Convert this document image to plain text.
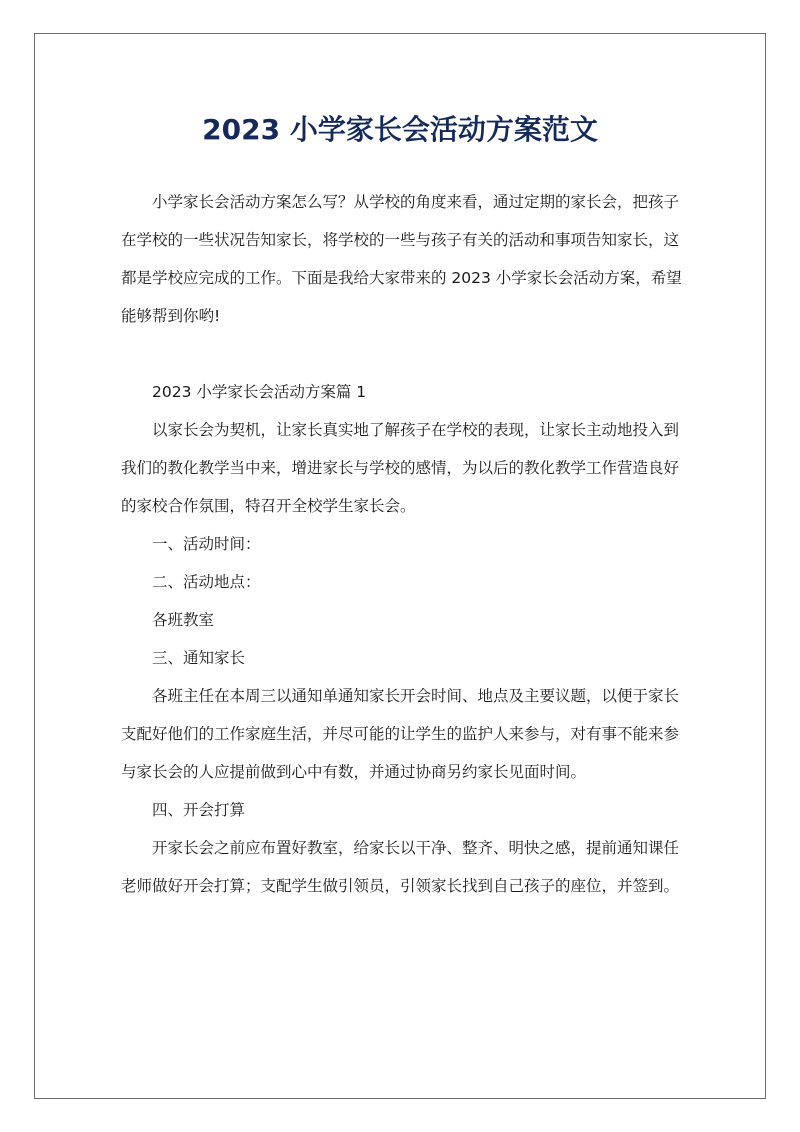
2023 小学家长会活动方案范文

小学家长会活动方案怎么写？从学校的角度来看，通过定期的家长会，把孩子在学校的一些状况告知家长，将学校的一些与孩子有关的活动和事项告知家长，这都是学校应完成的工作。下面是我给大家带来的 2023 小学家长会活动方案，希望能够帮到你哟!

2023 小学家长会活动方案篇 1

以家长会为契机，让家长真实地了解孩子在学校的表现，让家长主动地投入到我们的教化教学当中来，增进家长与学校的感情，为以后的教化教学工作营造良好的家校合作氛围，特召开全校学生家长会。

一、活动时间：

二、活动地点：

各班教室

三、通知家长

各班主任在本周三以通知单通知家长开会时间、地点及主要议题，以便于家长支配好他们的工作家庭生活，并尽可能的让学生的监护人来参与，对有事不能来参与家长会的人应提前做到心中有数，并通过协商另约家长见面时间。

四、开会打算

开家长会之前应布置好教室，给家长以干净、整齐、明快之感，提前通知课任老师做好开会打算；支配学生做引领员，引领家长找到自己孩子的座位，并签到。
